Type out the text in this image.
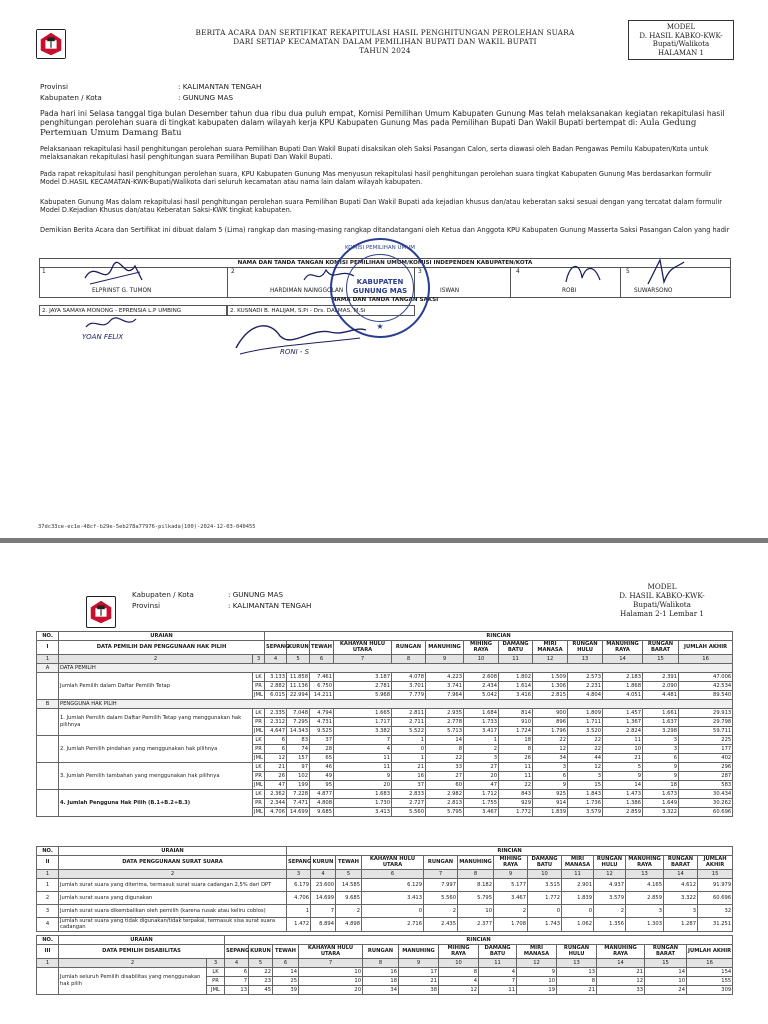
BERITA ACARA DAN SERTIFIKAT REKAPITULASI HASIL PENGHITUNGAN PEROLEHAN SUARA
DARI SETIAP KECAMATAN DALAM PEMILIHAN BUPATI DAN WAKIL BUPATI
TAHUN 2024
MODEL
D. HASIL KABKO-KWK-
Bupati/Walikota
HALAMAN 1
Provinsi	: KALIMANTAN TENGAH
Kabupaten / Kota	: GUNUNG MAS
Pada hari ini Selasa tanggal tiga bulan Desember tahun dua ribu dua puluh empat, Komisi Pemilihan Umum Kabupaten Gunung Mas telah melaksanakan kegiatan rekapitulasi hasil penghitungan perolehan suara di tingkat kabupaten dalam wilayah kerja KPU Kabupaten Gunung Mas pada Pemilihan Bupati Dan Wakil Bupati bertempat di: Aula Gedung Pertemuan Umum Damang Batu
Pelaksanaan rekapitulasi hasil penghitungan perolehan suara Pemilihan Bupati Dan Wakil Bupati disaksikan oleh Saksi Pasangan Calon, serta diawasi oleh Badan Pengawas Pemilu Kabupaten/Kota untuk melaksanakan rekapitulasi hasil penghitungan suara Pemilihan Bupati Dan Wakil Bupati.
Pada rapat rekapitulasi hasil penghitungan perolehan suara, KPU Kabupaten Gunung Mas menyusun rekapitulasi hasil penghitungan perolehan suara tingkat Kabupaten Gunung Mas berdasarkan formulir Model D.HASIL KECAMATAN-KWK-Bupati/Walikota dari seluruh kecamatan atau nama lain dalam wilayah kabupaten.
Kabupaten Gunung Mas dalam rekapitulasi hasil penghitungan perolehan suara Pemilihan Bupati Dan Wakil Bupati ada kejadian khusus dan/atau keberatan saksi sesuai dengan yang tercatat dalam formulir Model D.Kejadian Khusus dan/atau Keberatan Saksi-KWK tingkat kabupaten.
Demikian Berita Acara dan Sertifikat ini dibuat dalam 5 (Lima) rangkap dan masing-masing rangkap ditandatangani oleh Ketua dan Anggota KPU Kabupaten Gunung Masserta Saksi Pasangan Calon yang hadir
NAMA DAN TANDA TANGAN KOMISI PEMILIHAN UMUM/KOMISI INDEPENDEN KABUPATEN/KOTA

1	2	3	4	5
ELPRINST G. TUMON	HARDIMAN NAINGGOLAN	ISWAN	ROBI	SUWARSONO
NAMA DAN TANDA TANGAN SAKSI
2. JAYA SAMAYA MONONG - EPRENSIA L.P UMBING	2. KUSNADI B. HALIJAM, S.Pi - Drs. DALMAS, M.Si
KOMISI PEMILIHAN UMUM
KABUPATEN
GUNUNG MAS
★
YOAN FELIX
RONI - S
37dc33ce-ec1e-48cf-b29e-5eb278a77976-pilkada(100)-2024-12-03-040455
Kabupaten / Kota	: GUNUNG MAS
Provinsi	: KALIMANTAN TENGAH
MODEL
D. HASIL KABKO-KWK-
Bupati/Walikota
Halaman 2-1 Lembar 1
NO.	URAIAN		RINCIAN												
I	DATA PEMILIH DAN PENGGUNAAN HAK PILIH		SEPANG	KURUN	TEWAH	KAHAYAN HULU UTARA	RUNGAN	MANUHING	MIHING RAYA	DAMANG BATU	MIRI MANASA	RUNGAN HULU	MANUHING RAYA	RUNGAN BARAT	JUMLAH AKHIR
1	2	3	4	5	6	7	8	9	10	11	12	13	14	15	16
A	DATA PEMILIH														
	Jumlah Pemilih dalam Daftar Pemilih Tetap	LK	3.133	11.858	7.461	3.187	4.078	4.223	2.608	1.802	1.509	2.573	2.183	2.391	47.006
		PR	2.882	11.136	6.750	2.781	3.701	3.741	2.434	1.614	1.306	2.231	1.868	2.090	42.534
		JML	6.015	22.994	14.211	5.968	7.779	7.964	5.042	3.416	2.815	4.804	4.051	4.481	89.540
B	PENGGUNA HAK PILIH														
	1. Jumlah Pemilih dalam Daftar Pemilih Tetap yang menggunakan hak pilihnya	LK	2.335	7.048	4.794	1.665	2.811	2.935	1.684	814	900	1.809	1.457	1.661	29.913
		PR	2.312	7.295	4.731	1.717	2.711	2.778	1.733	910	896	1.711	1.367	1.637	29.798
		JML	4.647	14.343	9.525	3.382	5.522	5.713	3.417	1.724	1.796	3.520	2.824	3.298	59.711
	2. Jumlah Pemilih pindahan yang menggunakan hak pilihnya	LK	6	83	37	7	1	14	1	18	22	22	11	3	225
		PR	6	74	28	4	0	8	2	8	12	22	10	3	177
		JML	12	157	65	11	1	22	3	26	34	44	21	6	402
	3. Jumlah Pemilih tambahan yang menggunakan hak pilihnya	LK	21	97	46	11	21	33	27	11	3	12	5	9	296
		PR	26	102	49	9	16	27	20	11	6	3	9	9	287
		JML	47	199	95	20	37	60	47	22	9	15	14	18	583
	4. Jumlah Pengguna Hak Pilih (B.1+B.2+B.3)	LK	2.362	7.228	4.877	1.683	2.833	2.982	1.712	843	925	1.843	1.473	1.673	30.434
		PR	2.344	7.471	4.808	1.730	2.727	2.813	1.755	929	914	1.736	1.386	1.649	30.262
		JML	4.706	14.699	9.685	3.413	5.560	5.795	3.467	1.772	1.839	3.579	2.859	3.322	60.696
NO.	URAIAN	RINCIAN												
II	DATA PENGGUNAAN SURAT SUARA	SEPANG	KURUN	TEWAH	KAHAYAN HULU UTARA	RUNGAN	MANUHING	MIHING RAYA	DAMANG BATU	MIRI MANASA	RUNGAN HULU	MANUHING RAYA	RUNGAN BARAT	JUMLAH AKHIR
1	2	3	4	5	6	7	8	9	10	11	12	13	14	15
1	Jumlah surat suara yang diterima, termasuk surat suara cadangan 2,5% dari DPT	6.179	23.600	14.585	6.129	7.997	8.182	5.177	3.515	2.901	4.937	4.165	4.612	91.979
2	Jumlah surat suara yang digunakan	4.706	14.699	9.685	3.413	5.560	5.795	3.467	1.772	1.839	3.579	2.859	3.322	60.696
3	Jumlah surat suara dikembalikan oleh pemilih (karena rusak atau keliru coblos)	1	7	2	0	2	10	2	0	0	2	3	3	32
4	Jumlah surat suara yang tidak digunakan/tidak terpakai, termasuk sisa surat suara cadangan	1.472	8.894	4.898	2.716	2.435	2.377	1.708	1.743	1.062	1.356	1.303	1.287	31.251
NO.	URAIAN		RINCIAN												
III	DATA PEMILIH DISABILITAS		SEPANG	KURUN	TEWAH	KAHAYAN HULU UTARA	RUNGAN	MANUHING	MIHING RAYA	DAMANG BATU	MIRI MANASA	RUNGAN HULU	MANUHING RAYA	RUNGAN BARAT	JUMLAH AKHIR
1	2	3	4	5	6	7	8	9	10	11	12	13	14	15	16
	Jumlah seluruh Pemilih disabilitas yang menggunakan hak pilih	LK	6	22	14	10	16	17	8	4	9	13	21	14	154
		PR	7	23	25	10	18	21	4	7	10	8	12	10	155
		JML	13	45	39	20	34	38	12	11	19	21	33	24	309
